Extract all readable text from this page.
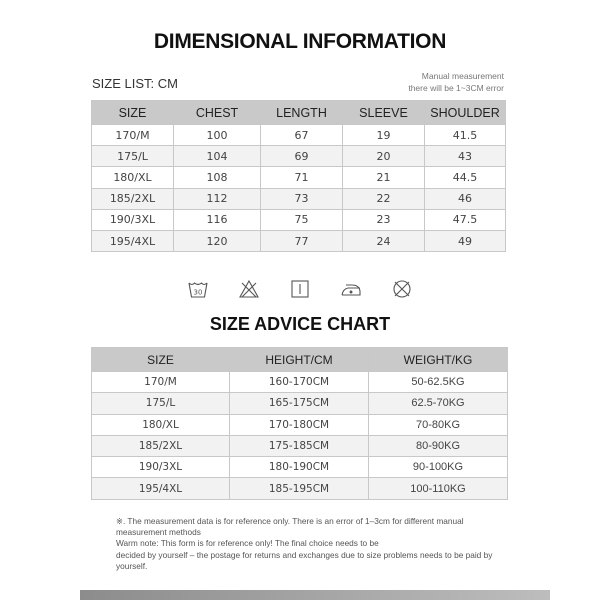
DIMENSIONAL INFORMATION
SIZE LIST: CM	Manual measurement
there will be 1~3CM error
SIZE	CHEST	LENGTH	SLEEVE	SHOULDER
170/M	100	67	19	41.5
175/L	104	69	20	43
180/XL	108	71	21	44.5
185/2XL	112	73	22	46
190/3XL	116	75	23	47.5
195/4XL	120	77	24	49
30
SIZE ADVICE CHART
SIZE	HEIGHT/CM	WEIGHT/KG
170/M	160-170CM	50-62.5KG
175/L	165-175CM	62.5-70KG
180/XL	170-180CM	70-80KG
185/2XL	175-185CM	80-90KG
190/3XL	180-190CM	90-100KG
195/4XL	185-195CM	100-110KG

※. The measurement data is for reference only. There is an error of 1–3cm for different manual measurement methods

Warm note: This form is for reference only! The final choice needs to be

decided by yourself – the postage for returns and exchanges due to size problems needs to be paid by yourself.
